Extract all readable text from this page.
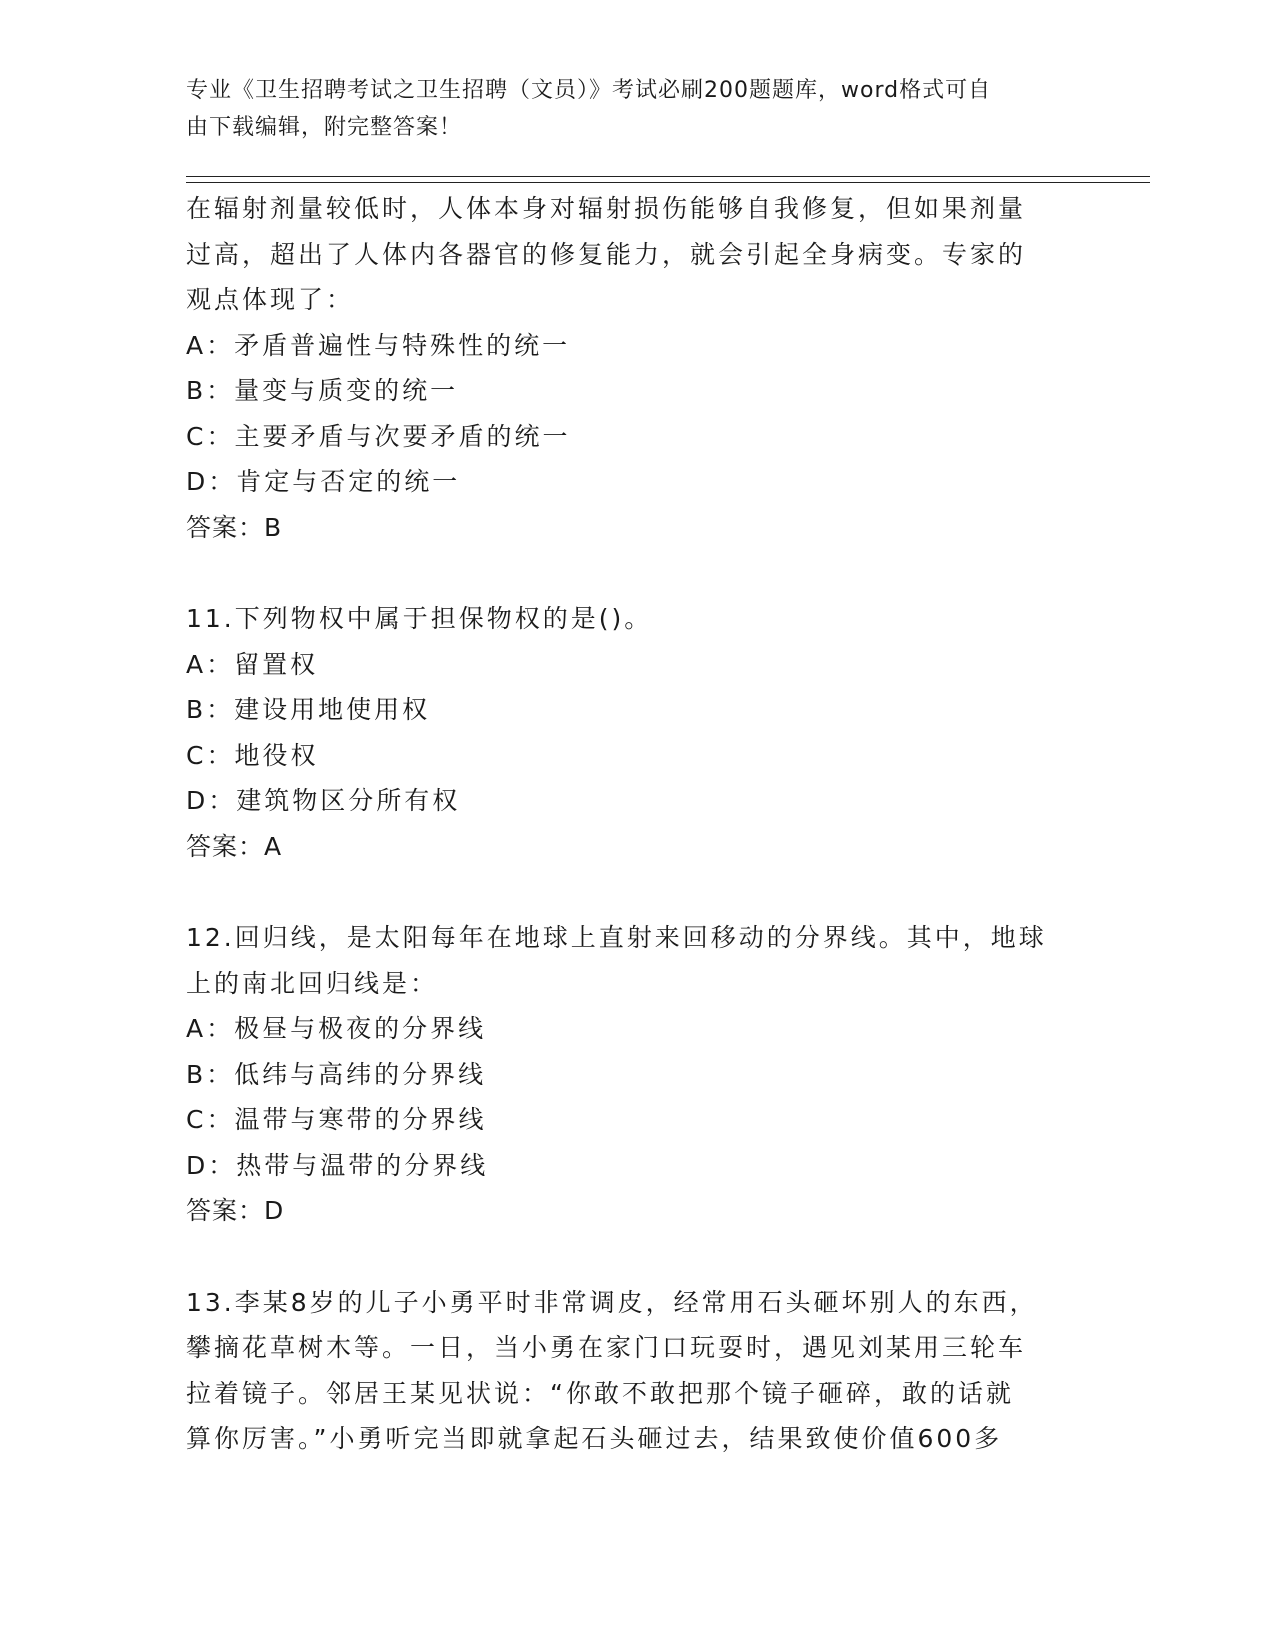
专业《卫生招聘考试之卫生招聘（文员）》考试必刷200题题库，word格式可自
由下载编辑，附完整答案！
在辐射剂量较低时，人体本身对辐射损伤能够自我修复，但如果剂量
过高，超出了人体内各器官的修复能力，就会引起全身病变。专家的
观点体现了：
A：矛盾普遍性与特殊性的统一
B：量变与质变的统一
C：主要矛盾与次要矛盾的统一
D：肯定与否定的统一
答案：B
11.下列物权中属于担保物权的是()。
A：留置权
B：建设用地使用权
C：地役权
D：建筑物区分所有权
答案：A
12.回归线，是太阳每年在地球上直射来回移动的分界线。其中，地球
上的南北回归线是：
A：极昼与极夜的分界线
B：低纬与高纬的分界线
C：温带与寒带的分界线
D：热带与温带的分界线
答案：D
13.李某8岁的儿子小勇平时非常调皮，经常用石头砸坏别人的东西，
攀摘花草树木等。一日，当小勇在家门口玩耍时，遇见刘某用三轮车
拉着镜子。邻居王某见状说：“你敢不敢把那个镜子砸碎，敢的话就
算你厉害。”小勇听完当即就拿起石头砸过去，结果致使价值600多
